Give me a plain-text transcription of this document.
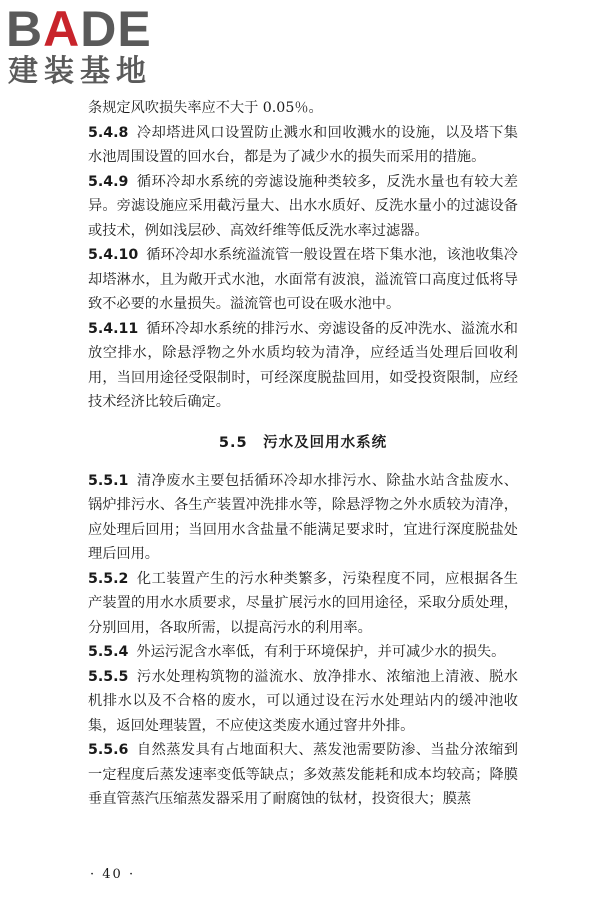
BADE
建装基地

条规定风吹损失率应不大于 0.05％。

5.4.8 冷却塔进风口设置防止溅水和回收溅水的设施，以及塔下集水池周围设置的回水台，都是为了减少水的损失而采用的措施。

5.4.9 循环冷却水系统的旁滤设施种类较多，反洗水量也有较大差异。旁滤设施应采用截污量大、出水水质好、反洗水量小的过滤设备或技术，例如浅层砂、高效纤维等低反洗水率过滤器。

5.4.10 循环冷却水系统溢流管一般设置在塔下集水池，该池收集冷却塔淋水，且为敞开式水池，水面常有波浪，溢流管口高度过低将导致不必要的水量损失。溢流管也可设在吸水池中。

5.4.11 循环冷却水系统的排污水、旁滤设备的反冲洗水、溢流水和放空排水，除悬浮物之外水质均较为清净，应经适当处理后回收利用，当回用途径受限制时，可经深度脱盐回用，如受投资限制，应经技术经济比较后确定。

5.5　污水及回用水系统

5.5.1 清净废水主要包括循环冷却水排污水、除盐水站含盐废水、锅炉排污水、各生产装置冲洗排水等，除悬浮物之外水质较为清净，应处理后回用；当回用水含盐量不能满足要求时，宜进行深度脱盐处理后回用。

5.5.2 化工装置产生的污水种类繁多，污染程度不同，应根据各生产装置的用水水质要求，尽量扩展污水的回用途径，采取分质处理，分别回用，各取所需，以提高污水的利用率。

5.5.4 外运污泥含水率低，有利于环境保护，并可减少水的损失。

5.5.5 污水处理构筑物的溢流水、放净排水、浓缩池上清液、脱水机排水以及不合格的废水，可以通过设在污水处理站内的缓冲池收集，返回处理装置，不应使这类废水通过窨井外排。

5.5.6 自然蒸发具有占地面积大、蒸发池需要防渗、当盐分浓缩到一定程度后蒸发速率变低等缺点；多效蒸发能耗和成本均较高；降膜垂直管蒸汽压缩蒸发器采用了耐腐蚀的钛材，投资很大；膜蒸

· 40 ·
